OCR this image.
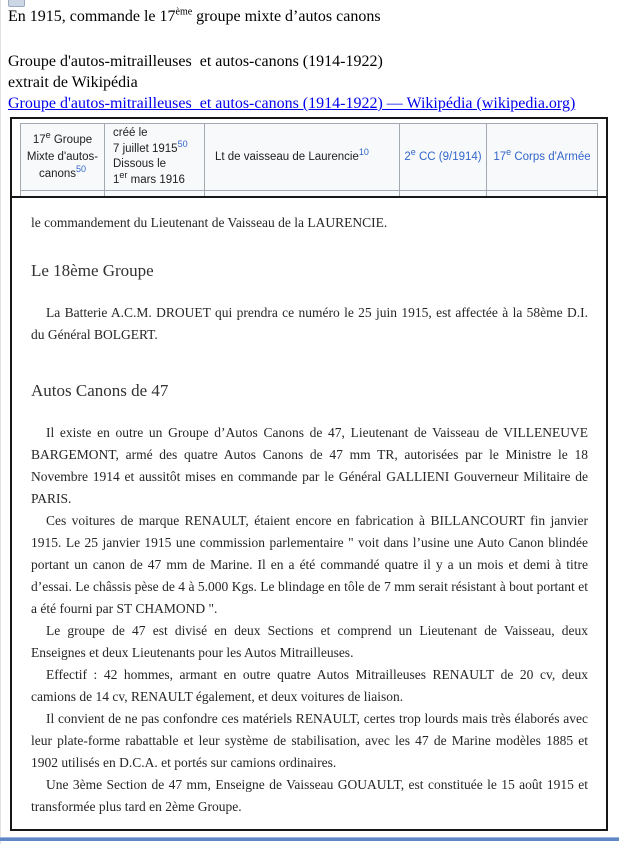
En 1915, commande le 17ème groupe mixte d’autos canons

Groupe d'autos-mitrailleuses  et autos-canons (1914-1922)

extrait de Wikipédia

Groupe d'autos-mitrailleuses  et autos-canons (1914-1922) — Wikipédia (wikipedia.org)

17e Groupe Mixte d'autos-canons$^{50}$
créé le
7 juillet 1915$^{50}$
Dissous le
1er mars 1916
Lt de vaisseau de Laurencie$^{10}$	2e CC (9/1914) 17e Corps d'Armée

le commandement du Lieutenant de Vaisseau de la LAURENCIE.

Le 18ème Groupe

La Batterie A.C.M. DROUET qui prendra ce numéro le 25 juin 1915, est affectée à la 58ème D.I. du Général BOLGERT.

Autos Canons de 47

Il existe en outre un Groupe d’Autos Canons de 47, Lieutenant de Vaisseau de VILLENEUVE BARGEMONT, armé des quatre Autos Canons de 47 mm TR, autorisées par le Ministre le 18 Novembre 1914 et aussitôt mises en commande par le Général GALLIENI Gouverneur Militaire de PARIS.

Ces voitures de marque RENAULT, étaient encore en fabrication à BILLANCOURT fin janvier 1915. Le 25 janvier 1915 une commission parlementaire " voit dans l’usine une Auto Canon blindée portant un canon de 47 mm de Marine. Il en a été commandé quatre il y a un mois et demi à titre d’essai. Le châssis pèse de 4 à 5.000 Kgs. Le blindage en tôle de 7 mm serait résistant à bout portant et a été fourni par ST CHAMOND ".

Le groupe de 47 est divisé en deux Sections et comprend un Lieutenant de Vaisseau, deux Enseignes et deux Lieutenants pour les Autos Mitrailleuses.

Effectif : 42 hommes, armant en outre quatre Autos Mitrailleuses RENAULT de 20 cv, deux camions de 14 cv, RENAULT également, et deux voitures de liaison.

Il convient de ne pas confondre ces matériels RENAULT, certes trop lourds mais très élaborés avec leur plate-forme rabattable et leur système de stabilisation, avec les 47 de Marine modèles 1885 et 1902 utilisés en D.C.A. et portés sur camions ordinaires.

Une 3ème Section de 47 mm, Enseigne de Vaisseau GOUAULT, est constituée le 15 août 1915 et transformée plus tard en 2ème Groupe.
